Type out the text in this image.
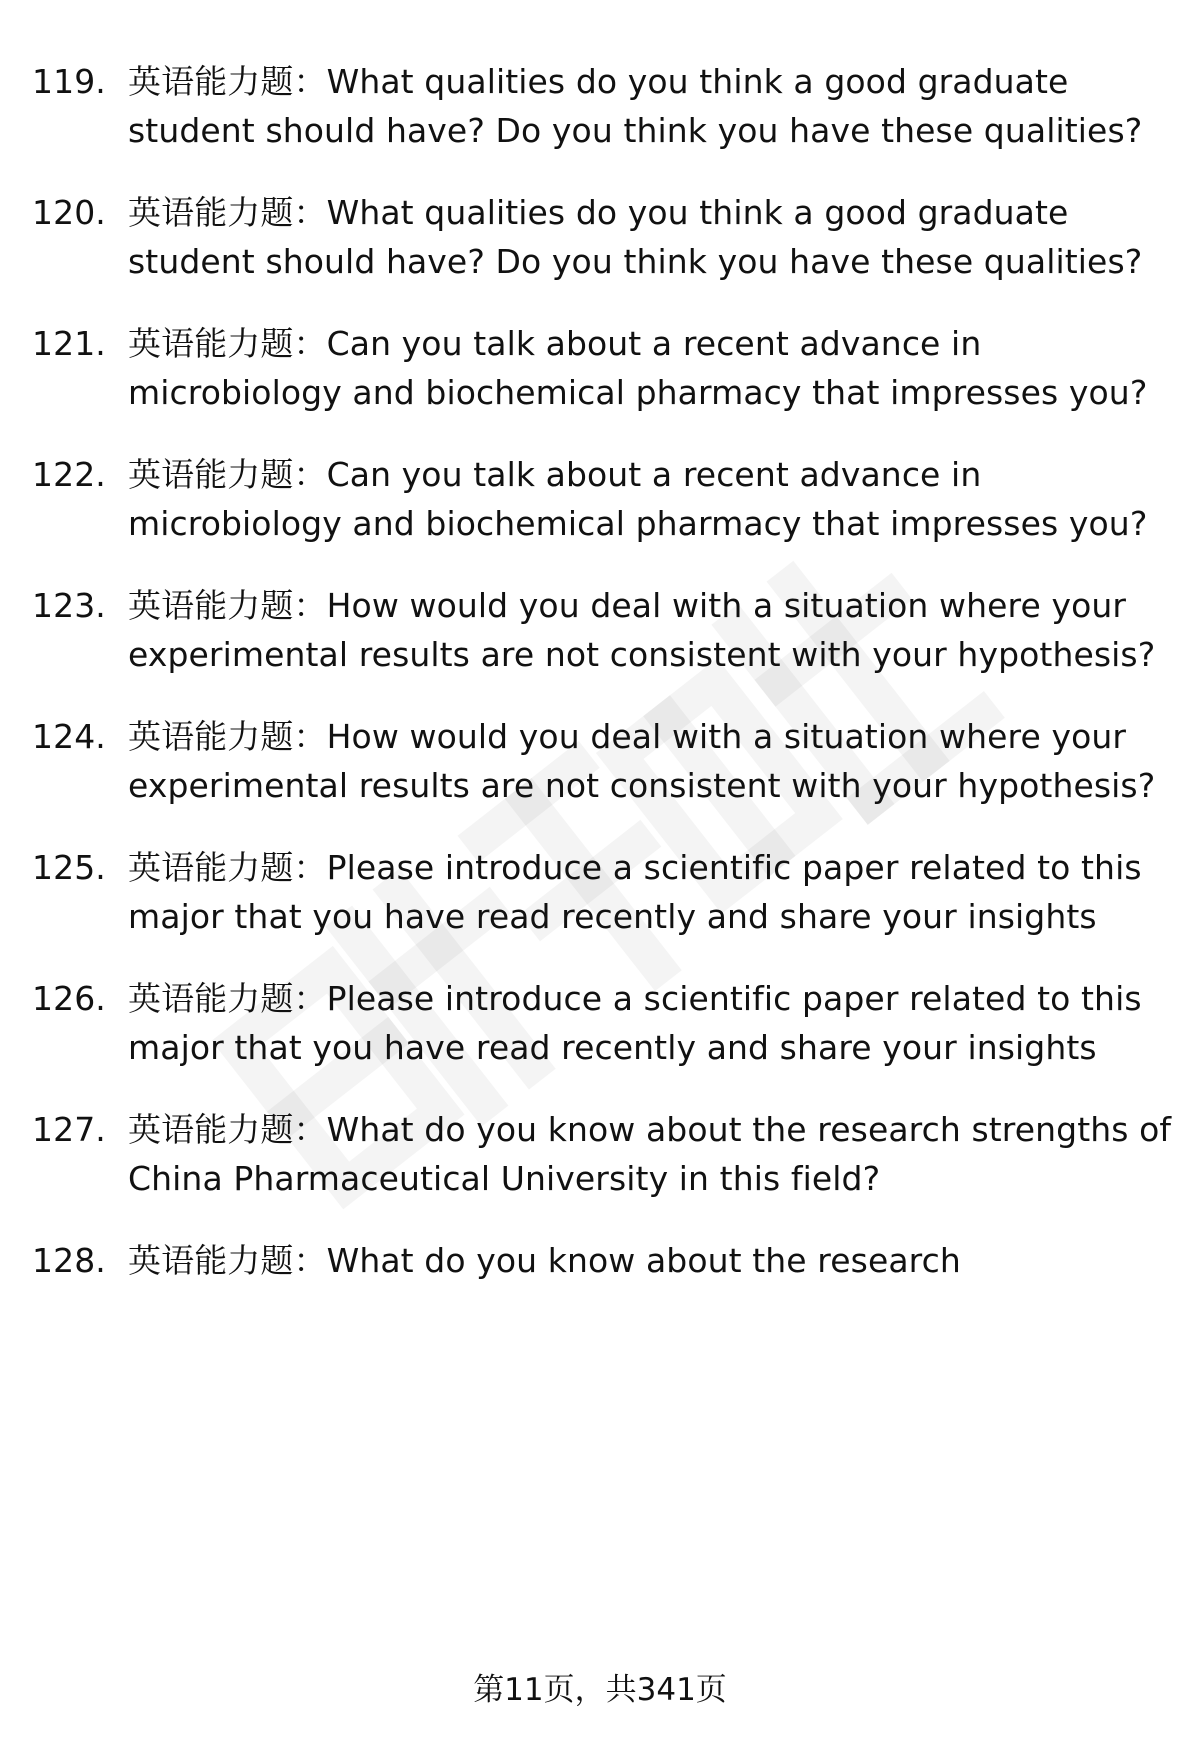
119. 英语能力题：What qualities do you think a good graduate student should have? Do you think you have these qualities?
120. 英语能力题：What qualities do you think a good graduate student should have? Do you think you have these qualities?
121. 英语能力题：Can you talk about a recent advance in microbiology and biochemical pharmacy that impresses you?
122. 英语能力题：Can you talk about a recent advance in microbiology and biochemical pharmacy that impresses you?
123. 英语能力题：How would you deal with a situation where your experimental results are not consistent with your hypothesis?
124. 英语能力题：How would you deal with a situation where your experimental results are not consistent with your hypothesis?
125. 英语能力题：Please introduce a scientific paper related to this major that you have read recently and share your insights
126. 英语能力题：Please introduce a scientific paper related to this major that you have read recently and share your insights
127. 英语能力题：What do you know about the research strengths of China Pharmaceutical University in this field?
128. 英语能力题：What do you know about the research
第11页，共341页
